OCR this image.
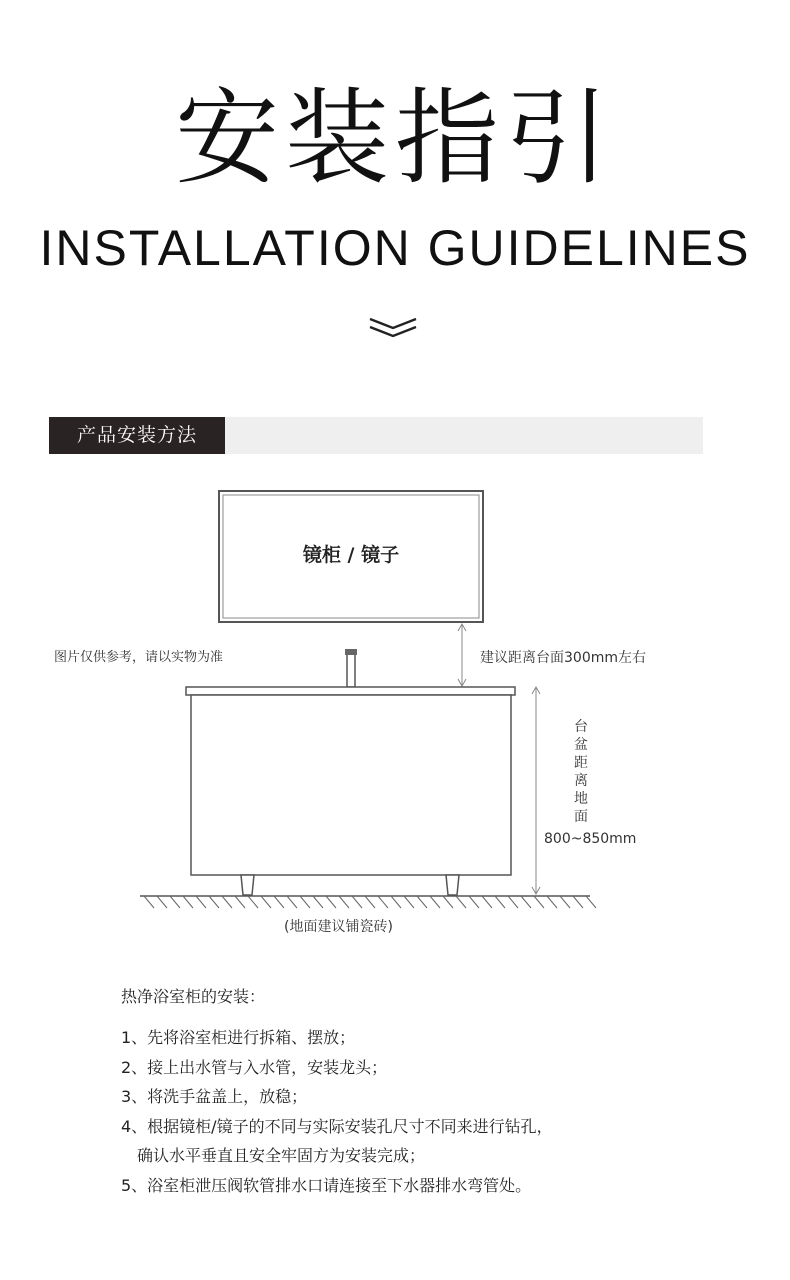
安装指引
INSTALLATION GUIDELINES
产品安装方法
镜柜 / 镜子
图片仅供参考，请以实物为准	建议距离台面300mm左右
台
盆
距
离
地
面
800~850mm
(地面建议铺瓷砖)
热净浴室柜的安装：
1、先将浴室柜进行拆箱、摆放；
2、接上出水管与入水管，安装龙头；
3、将洗手盆盖上，放稳；
4、根据镜柜/镜子的不同与实际安装孔尺寸不同来进行钻孔，
确认水平垂直且安全牢固方为安装完成；
5、浴室柜泄压阀软管排水口请连接至下水器排水弯管处。
